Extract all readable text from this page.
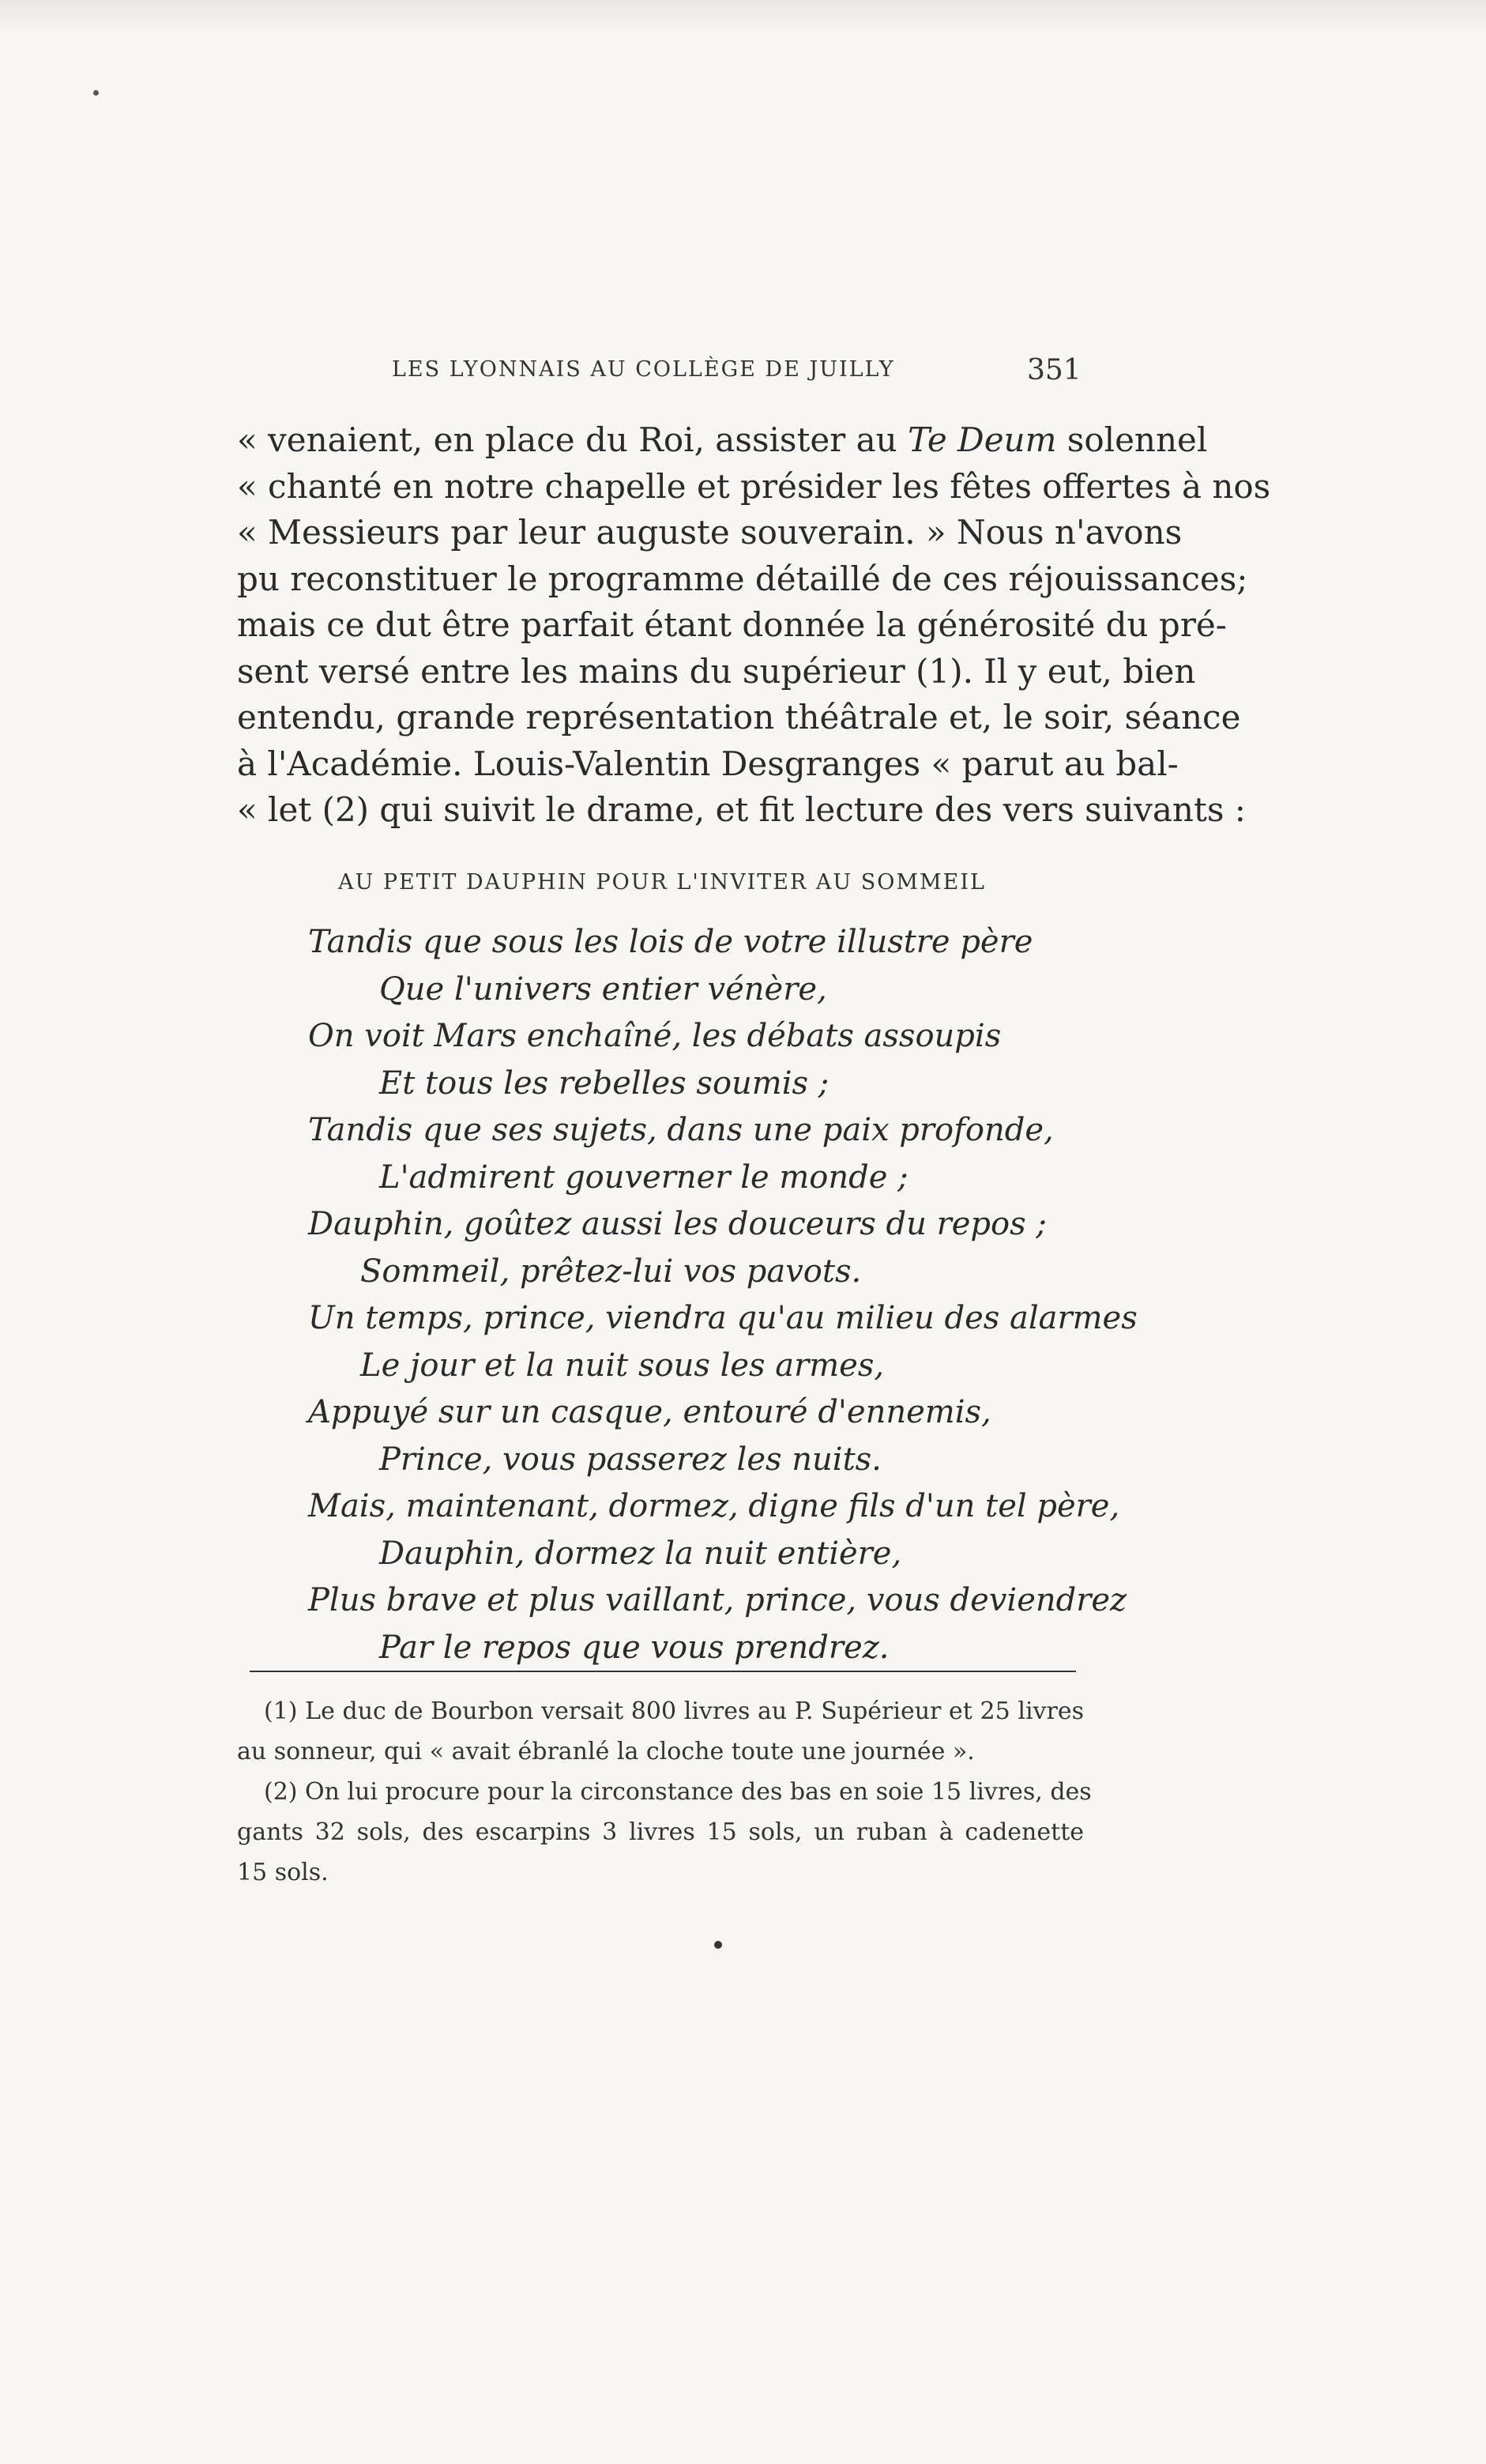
LES LYONNAIS AU COLLÈGE DE JUILLY	351
« venaient, en place du Roi, assister au Te Deum solennel
« chanté en notre chapelle et présider les fêtes offertes à nos
« Messieurs par leur auguste souverain. » Nous n'avons
pu reconstituer le programme détaillé de ces réjouissances;
mais ce dut être parfait étant donnée la générosité du pré-
sent versé entre les mains du supérieur (1). Il y eut, bien
entendu, grande représentation théâtrale et, le soir, séance
à l'Académie. Louis-Valentin Desgranges « parut au bal-
« let (2) qui suivit le drame, et fit lecture des vers suivants :
AU PETIT DAUPHIN POUR L'INVITER AU SOMMEIL
Tandis que sous les lois de votre illustre père
Que l'univers entier vénère,
On voit Mars enchaîné, les débats assoupis
Et tous les rebelles soumis ;
Tandis que ses sujets, dans une paix profonde,
L'admirent gouverner le monde ;
Dauphin, goûtez aussi les douceurs du repos ;
Sommeil, prêtez-lui vos pavots.
Un temps, prince, viendra qu'au milieu des alarmes
Le jour et la nuit sous les armes,
Appuyé sur un casque, entouré d'ennemis,
Prince, vous passerez les nuits.
Mais, maintenant, dormez, digne fils d'un tel père,
Dauphin, dormez la nuit entière,
Plus brave et plus vaillant, prince, vous deviendrez
Par le repos que vous prendrez.
(1) Le duc de Bourbon versait 800 livres au P. Supérieur et 25 livres
au sonneur, qui « avait ébranlé la cloche toute une journée ».
(2) On lui procure pour la circonstance des bas en soie 15 livres, des
gants 32 sols, des escarpins 3 livres 15 sols, un ruban à cadenette
15 sols.
